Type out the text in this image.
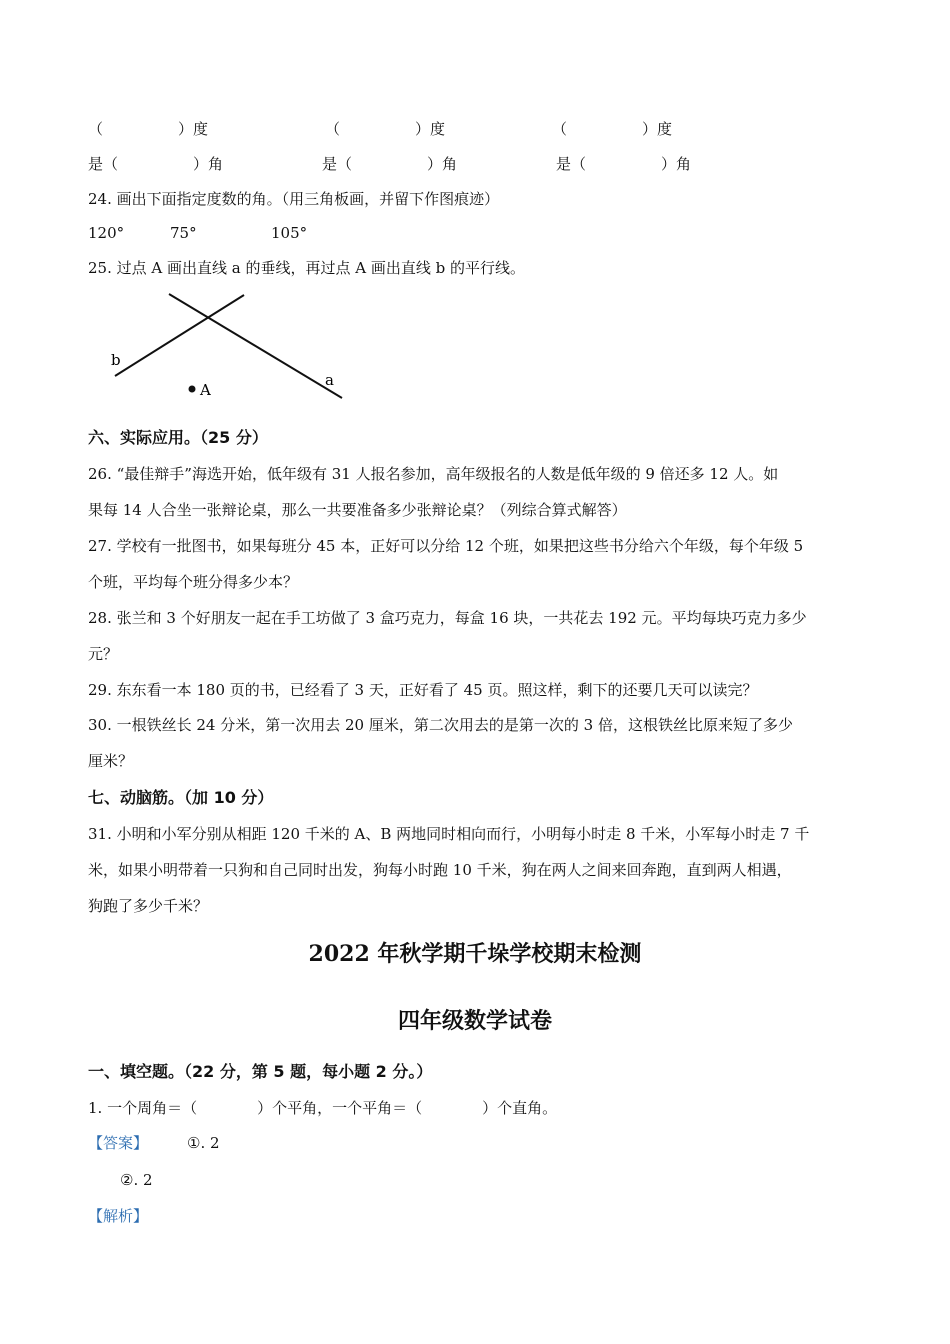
（　　　　　）度	（　　　　　）度	（　　　　　）度
是（　　　　　）角	是（　　　　　）角	是（　　　　　）角
24. 画出下面指定度数的角。（用三角板画，并留下作图痕迹）
120°	75°	105°
25. 过点 A 画出直线 a 的垂线，再过点 A 画出直线 b 的平行线。
b
a
A
六、实际应用。（25 分）
26. “最佳辩手”海选开始，低年级有 31 人报名参加，高年级报名的人数是低年级的 9 倍还多 12 人。如
果每 14 人合坐一张辩论桌，那么一共要准备多少张辩论桌？（列综合算式解答）
27. 学校有一批图书，如果每班分 45 本，正好可以分给 12 个班，如果把这些书分给六个年级，每个年级 5
个班，平均每个班分得多少本？
28. 张兰和 3 个好朋友一起在手工坊做了 3 盒巧克力，每盒 16 块，一共花去 192 元。平均每块巧克力多少
元？
29. 东东看一本 180 页的书，已经看了 3 天，正好看了 45 页。照这样，剩下的还要几天可以读完？
30. 一根铁丝长 24 分米，第一次用去 20 厘米，第二次用去的是第一次的 3 倍，这根铁丝比原来短了多少
厘米？
七、动脑筋。（加 10 分）
31. 小明和小军分别从相距 120 千米的 A、B 两地同时相向而行，小明每小时走 8 千米，小军每小时走 7 千
米，如果小明带着一只狗和自己同时出发，狗每小时跑 10 千米，狗在两人之间来回奔跑，直到两人相遇，
狗跑了多少千米？
2022 年秋学期千垛学校期末检测
四年级数学试卷
一、填空题。（22 分，第 5 题，每小题 2 分。）
1. 一个周角＝（　　　　）个平角，一个平角＝（　　　　）个直角。
【答案】	①. 2
②. 2
【解析】
